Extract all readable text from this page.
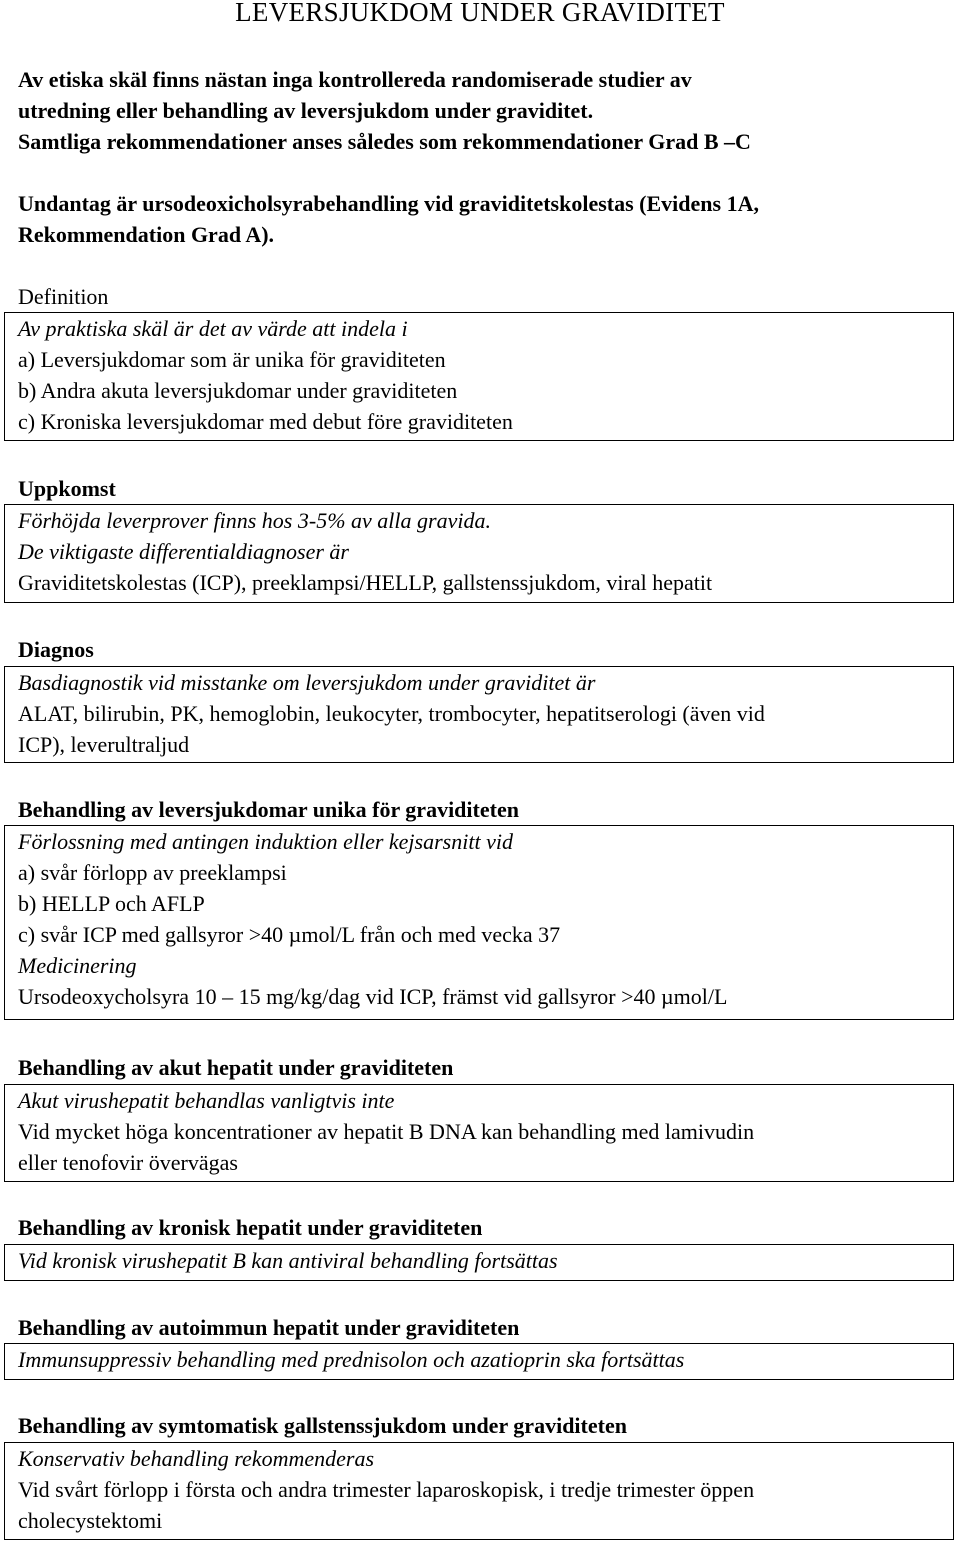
LEVERSJUKDOM UNDER GRAVIDITET
Av etiska skäl finns nästan inga kontrollereda randomiserade studier av
utredning eller behandling av leversjukdom under graviditet.
Samtliga rekommendationer anses således som rekommendationer Grad B –C
Undantag är ursodeoxicholsyrabehandling vid graviditetskolestas (Evidens 1A,
Rekommendation Grad A).
Definition
Av praktiska skäl är det av värde att indela i
a) Leversjukdomar som är unika för graviditeten
b) Andra akuta leversjukdomar under graviditeten
c) Kroniska leversjukdomar med debut före graviditeten
Uppkomst
Förhöjda leverprover finns hos 3-5% av alla gravida.
De viktigaste differentialdiagnoser är
Graviditetskolestas (ICP), preeklampsi/HELLP, gallstenssjukdom, viral hepatit
Diagnos
Basdiagnostik vid misstanke om leversjukdom under graviditet är
ALAT, bilirubin, PK, hemoglobin, leukocyter, trombocyter, hepatitserologi (även vid
ICP), leverultraljud
Behandling av leversjukdomar unika för graviditeten
Förlossning med antingen induktion eller kejsarsnitt vid
a) svår förlopp av preeklampsi
b) HELLP och AFLP
c) svår ICP med gallsyror >40 µmol/L från och med vecka 37
Medicinering
Ursodeoxycholsyra 10 – 15 mg/kg/dag vid ICP, främst vid gallsyror >40 µmol/L
Behandling av akut hepatit under graviditeten
Akut virushepatit behandlas vanligtvis inte
Vid mycket höga koncentrationer av hepatit B DNA kan behandling med lamivudin
eller tenofovir övervägas
Behandling av kronisk hepatit under graviditeten
Vid kronisk virushepatit B kan antiviral behandling fortsättas
Behandling av autoimmun hepatit under graviditeten
Immunsuppressiv behandling med prednisolon och azatioprin ska fortsättas
Behandling av symtomatisk gallstenssjukdom under graviditeten
Konservativ behandling rekommenderas
Vid svårt förlopp i första och andra trimester laparoskopisk, i tredje trimester öppen
cholecystektomi
